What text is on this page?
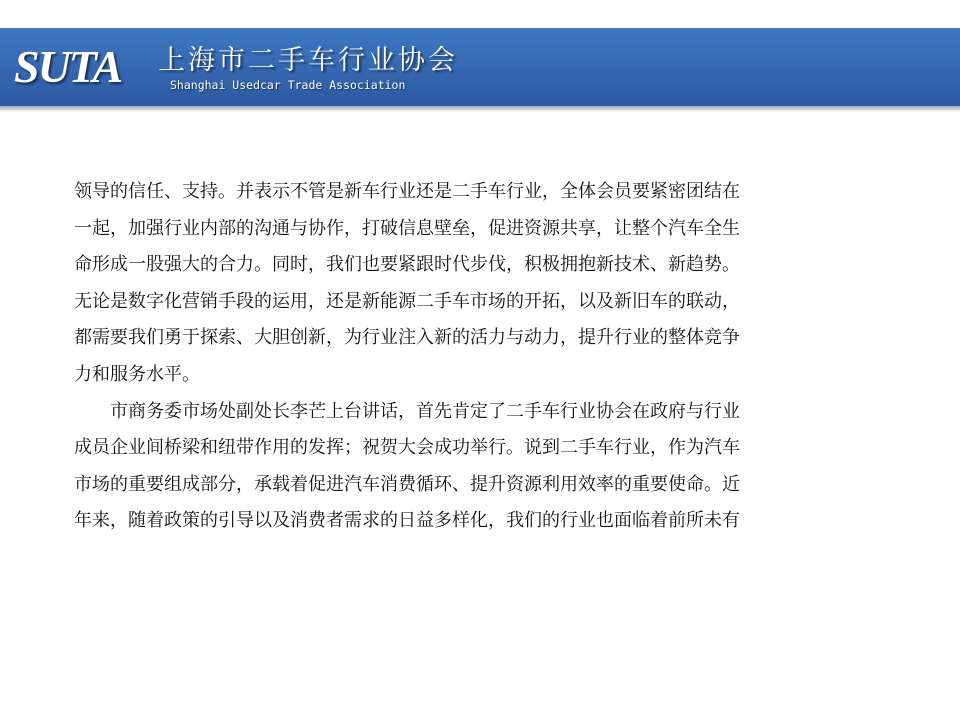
SUTA 上海市二手车行业协会
Shanghai Usedcar Trade Association
领导的信任、支持。并表示不管是新车行业还是二手车行业，全体会员要紧密团结在
一起，加强行业内部的沟通与协作，打破信息壁垒，促进资源共享，让整个汽车全生
命形成一股强大的合力。同时，我们也要紧跟时代步伐，积极拥抱新技术、新趋势。
无论是数字化营销手段的运用，还是新能源二手车市场的开拓，以及新旧车的联动，
都需要我们勇于探索、大胆创新，为行业注入新的活力与动力，提升行业的整体竞争
力和服务水平。
　　市商务委市场处副处长李芒上台讲话，首先肯定了二手车行业协会在政府与行业
成员企业间桥梁和纽带作用的发挥；祝贺大会成功举行。说到二手车行业，作为汽车
市场的重要组成部分，承载着促进汽车消费循环、提升资源利用效率的重要使命。近
年来，随着政策的引导以及消费者需求的日益多样化，我们的行业也面临着前所未有
